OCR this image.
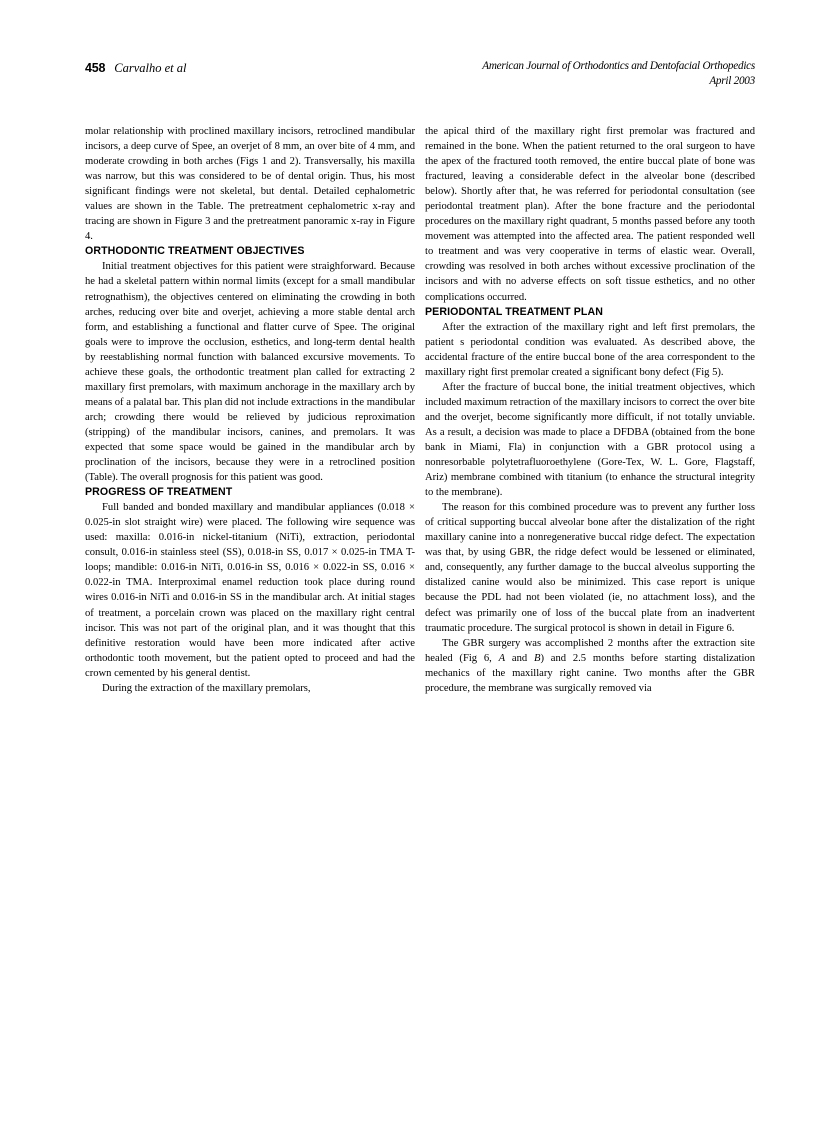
458 Carvalho et al	American Journal of Orthodontics and Dentofacial Orthopedics
April 2003

molar relationship with proclined maxillary incisors, retroclined mandibular incisors, a deep curve of Spee, an overjet of 8 mm, an over bite of 4 mm, and moderate crowding in both arches (Figs 1 and 2). Transversally, his maxilla was narrow, but this was considered to be of dental origin. Thus, his most significant findings were not skeletal, but dental. Detailed cephalometric values are shown in the Table. The pretreatment cephalometric x-ray and tracing are shown in Figure 3 and the pretreatment panoramic x-ray in Figure 4.

ORTHODONTIC TREATMENT OBJECTIVES

Initial treatment objectives for this patient were straighforward. Because he had a skeletal pattern within normal limits (except for a small mandibular retrognathism), the objectives centered on eliminating the crowding in both arches, reducing over bite and overjet, achieving a more stable dental arch form, and establishing a functional and flatter curve of Spee. The original goals were to improve the occlusion, esthetics, and long-term dental health by reestablishing normal function with balanced excursive movements. To achieve these goals, the orthodontic treatment plan called for extracting 2 maxillary first premolars, with maximum anchorage in the maxillary arch by means of a palatal bar. This plan did not include extractions in the mandibular arch; crowding there would be relieved by judicious reproximation (stripping) of the mandibular incisors, canines, and premolars. It was expected that some space would be gained in the mandibular arch by proclination of the incisors, because they were in a retroclined position (Table). The overall prognosis for this patient was good.

PROGRESS OF TREATMENT

Full banded and bonded maxillary and mandibular appliances (0.018 × 0.025-in slot straight wire) were placed. The following wire sequence was used: maxilla: 0.016-in nickel-titanium (NiTi), extraction, periodontal consult, 0.016-in stainless steel (SS), 0.018-in SS, 0.017 × 0.025-in TMA T-loops; mandible: 0.016-in NiTi, 0.016-in SS, 0.016 × 0.022-in SS, 0.016 × 0.022-in TMA. Interproximal enamel reduction took place during round wires 0.016-in NiTi and 0.016-in SS in the mandibular arch. At initial stages of treatment, a porcelain crown was placed on the maxillary right central incisor. This was not part of the original plan, and it was thought that this definitive restoration would have been more indicated after active orthodontic tooth movement, but the patient opted to proceed and had the crown cemented by his general dentist.

During the extraction of the maxillary premolars,

the apical third of the maxillary right first premolar was fractured and remained in the bone. When the patient returned to the oral surgeon to have the apex of the fractured tooth removed, the entire buccal plate of bone was fractured, leaving a considerable defect in the alveolar bone (described below). Shortly after that, he was referred for periodontal consultation (see periodontal treatment plan). After the bone fracture and the periodontal procedures on the maxillary right quadrant, 5 months passed before any tooth movement was attempted into the affected area. The patient responded well to treatment and was very cooperative in terms of elastic wear. Overall, crowding was resolved in both arches without excessive proclination of the incisors and with no adverse effects on soft tissue esthetics, and no other complications occurred.

PERIODONTAL TREATMENT PLAN

After the extraction of the maxillary right and left first premolars, the patient s periodontal condition was evaluated. As described above, the accidental fracture of the entire buccal bone of the area correspondent to the maxillary right first premolar created a significant bony defect (Fig 5).

After the fracture of buccal bone, the initial treatment objectives, which included maximum retraction of the maxillary incisors to correct the over bite and the overjet, become significantly more difficult, if not totally unviable. As a result, a decision was made to place a DFDBA (obtained from the bone bank in Miami, Fla) in conjunction with a GBR protocol using a nonresorbable polytetrafluoroethylene (Gore-Tex, W. L. Gore, Flagstaff, Ariz) membrane combined with titanium (to enhance the structural integrity to the membrane).

The reason for this combined procedure was to prevent any further loss of critical supporting buccal alveolar bone after the distalization of the right maxillary canine into a nonregenerative buccal ridge defect. The expectation was that, by using GBR, the ridge defect would be lessened or eliminated, and, consequently, any further damage to the buccal alveolus supporting the distalized canine would also be minimized. This case report is unique because the PDL had not been violated (ie, no attachment loss), and the defect was primarily one of loss of the buccal plate from an inadvertent traumatic procedure. The surgical protocol is shown in detail in Figure 6.

The GBR surgery was accomplished 2 months after the extraction site healed (Fig 6, A and B) and 2.5 months before starting distalization mechanics of the maxillary right canine. Two months after the GBR procedure, the membrane was surgically removed via
